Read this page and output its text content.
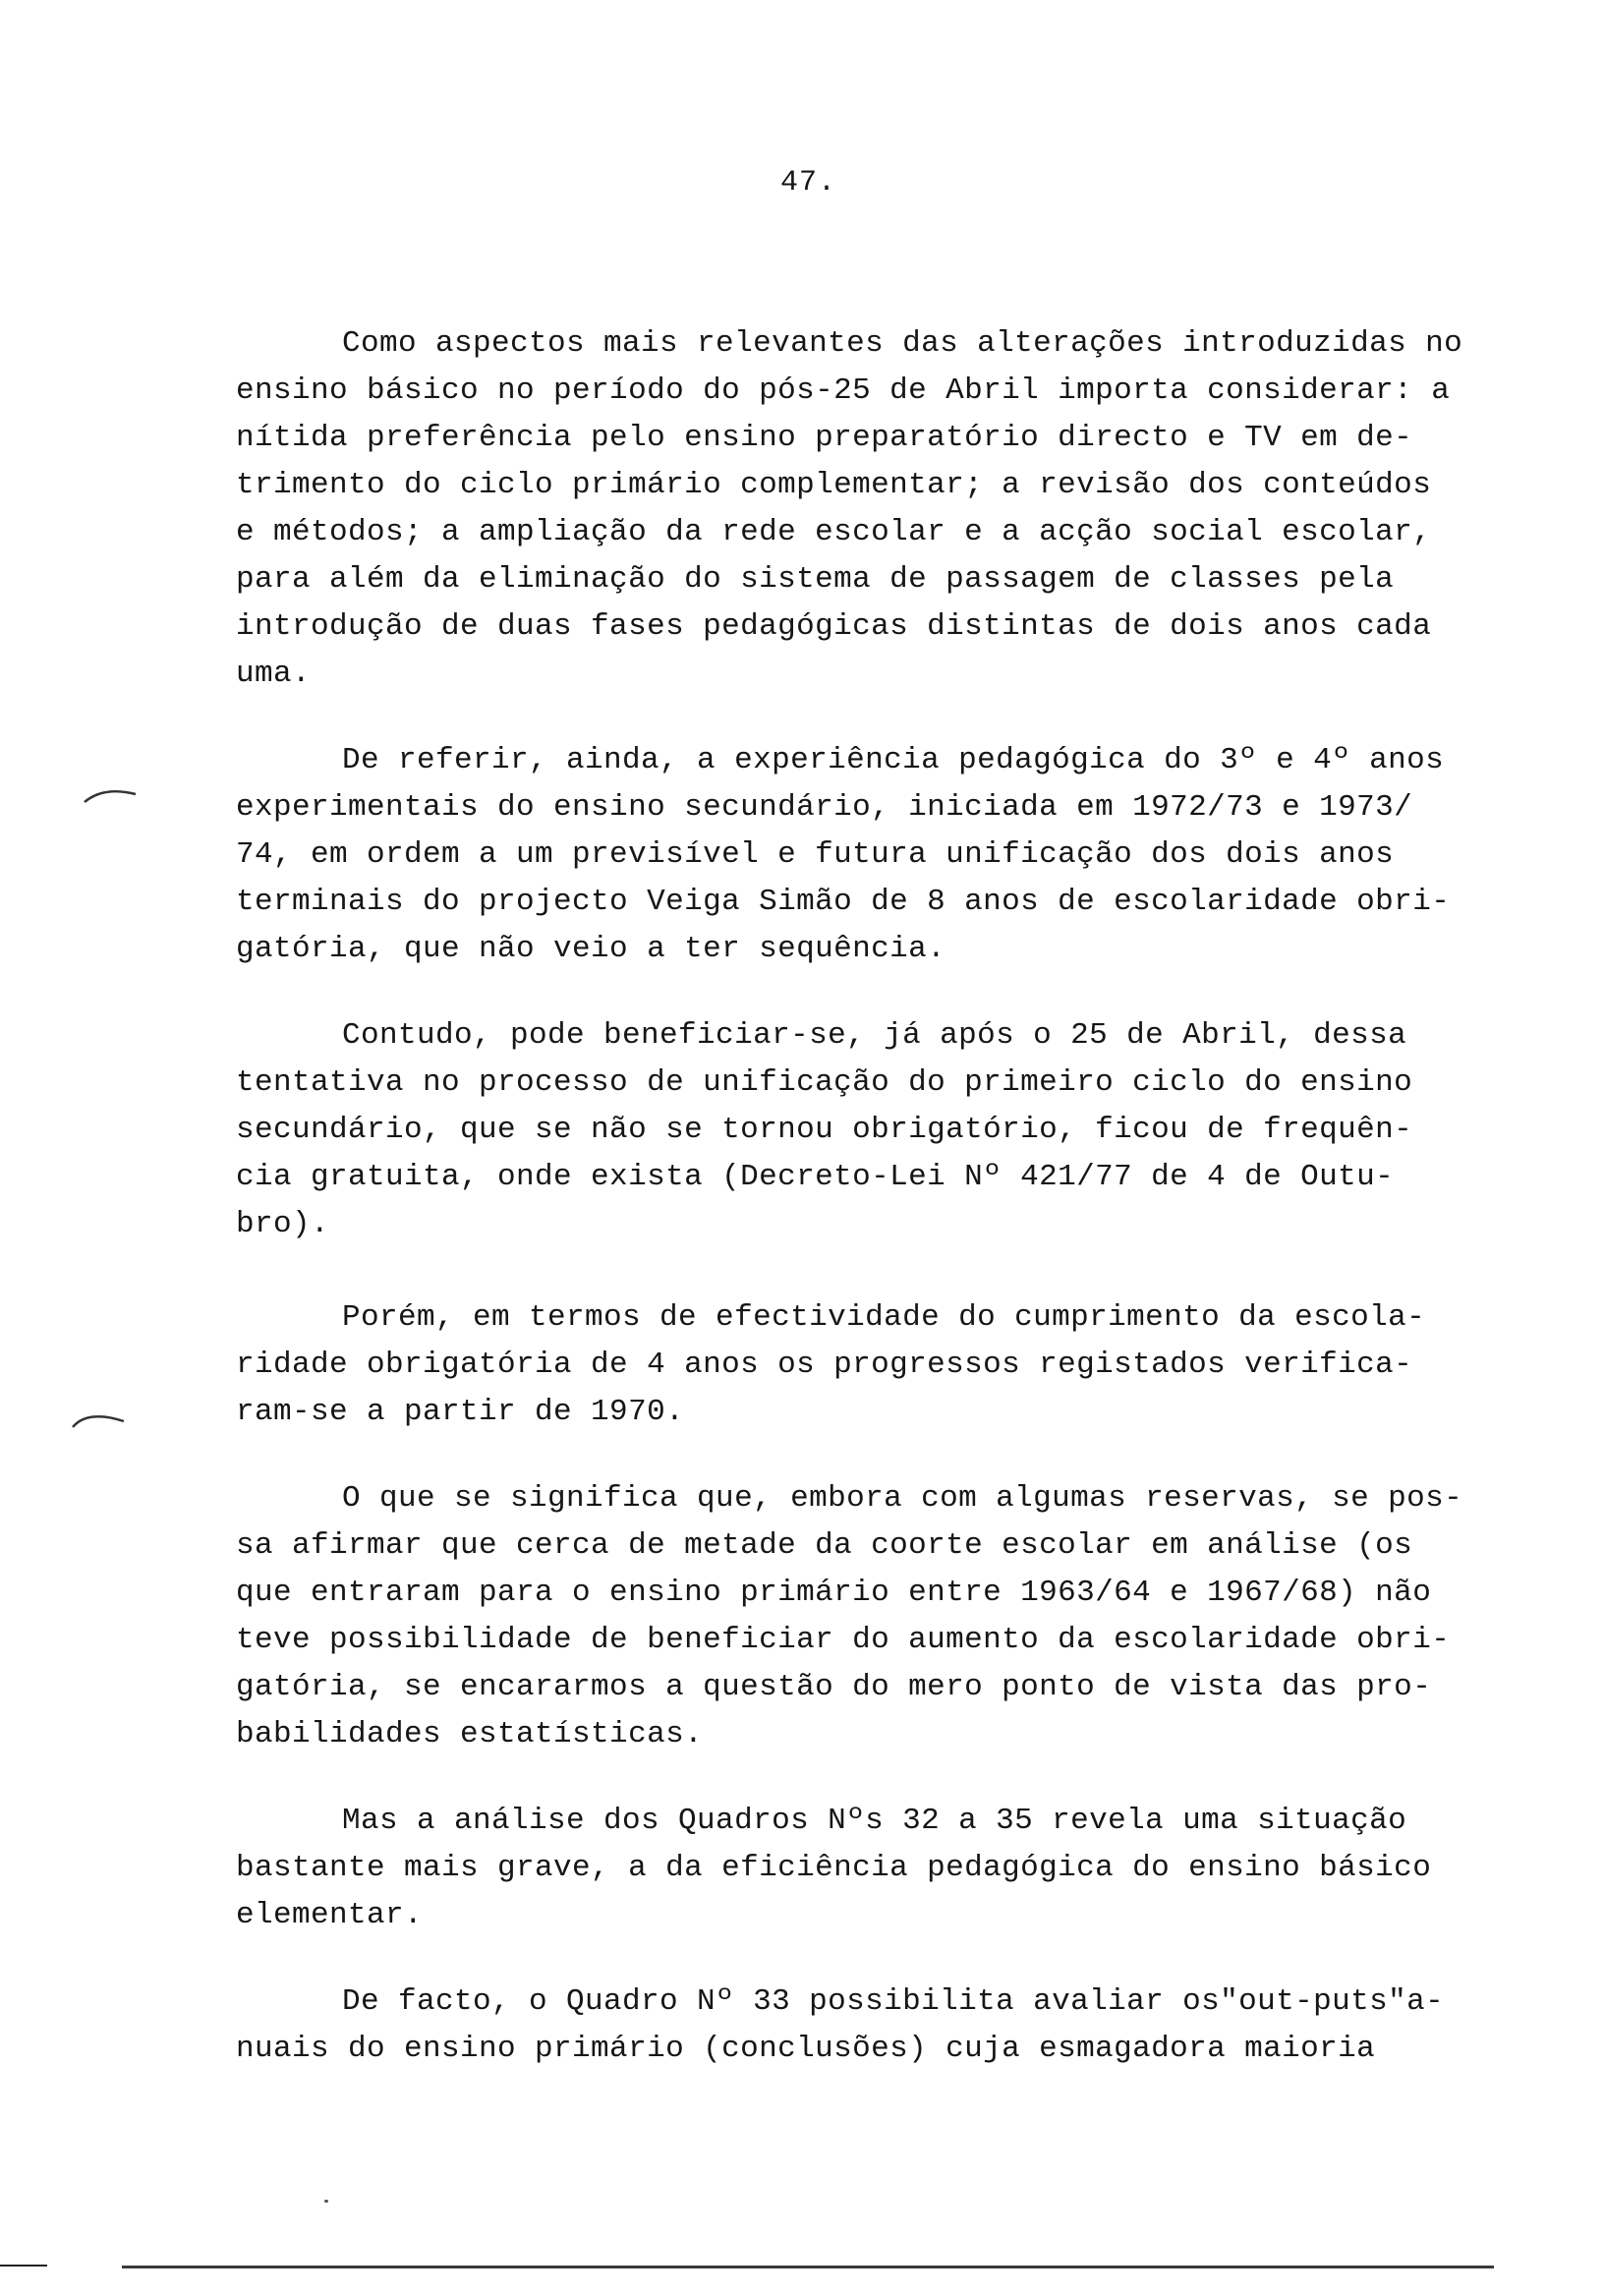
47.
Como aspectos mais relevantes das alterações introduzidas no
ensino básico no período do pós-25 de Abril importa considerar: a
nítida preferência pelo ensino preparatório directo e TV em de-
trimento do ciclo primário complementar; a revisão dos conteúdos
e métodos; a ampliação da rede escolar e a acção social escolar,
para além da eliminação do sistema de passagem de classes pela
introdução de duas fases pedagógicas distintas de dois anos cada
uma.
De referir, ainda, a experiência pedagógica do 3º e 4º anos
experimentais do ensino secundário, iniciada em 1972/73 e 1973/
74, em ordem a um previsível e futura unificação dos dois anos
terminais do projecto Veiga Simão de 8 anos de escolaridade obri-
gatória, que não veio a ter sequência.
Contudo, pode beneficiar-se, já após o 25 de Abril, dessa
tentativa no processo de unificação do primeiro ciclo do ensino
secundário, que se não se tornou obrigatório, ficou de frequên-
cia gratuita, onde exista (Decreto-Lei Nº 421/77 de 4 de Outu-
bro).
Porém, em termos de efectividade do cumprimento da escola-
ridade obrigatória de 4 anos os progressos registados verifica-
ram-se a partir de 1970.
O que se significa que, embora com algumas reservas, se pos-
sa afirmar que cerca de metade da coorte escolar em análise (os
que entraram para o ensino primário entre 1963/64 e 1967/68) não
teve possibilidade de beneficiar do aumento da escolaridade obri-
gatória, se encararmos a questão do mero ponto de vista das pro-
babilidades estatísticas.
Mas a análise dos Quadros Nºs 32 a 35 revela uma situação
bastante mais grave, a da eficiência pedagógica do ensino básico
elementar.
De facto, o Quadro Nº 33 possibilita avaliar os"out-puts"a-
nuais do ensino primário (conclusões) cuja esmagadora maioria
